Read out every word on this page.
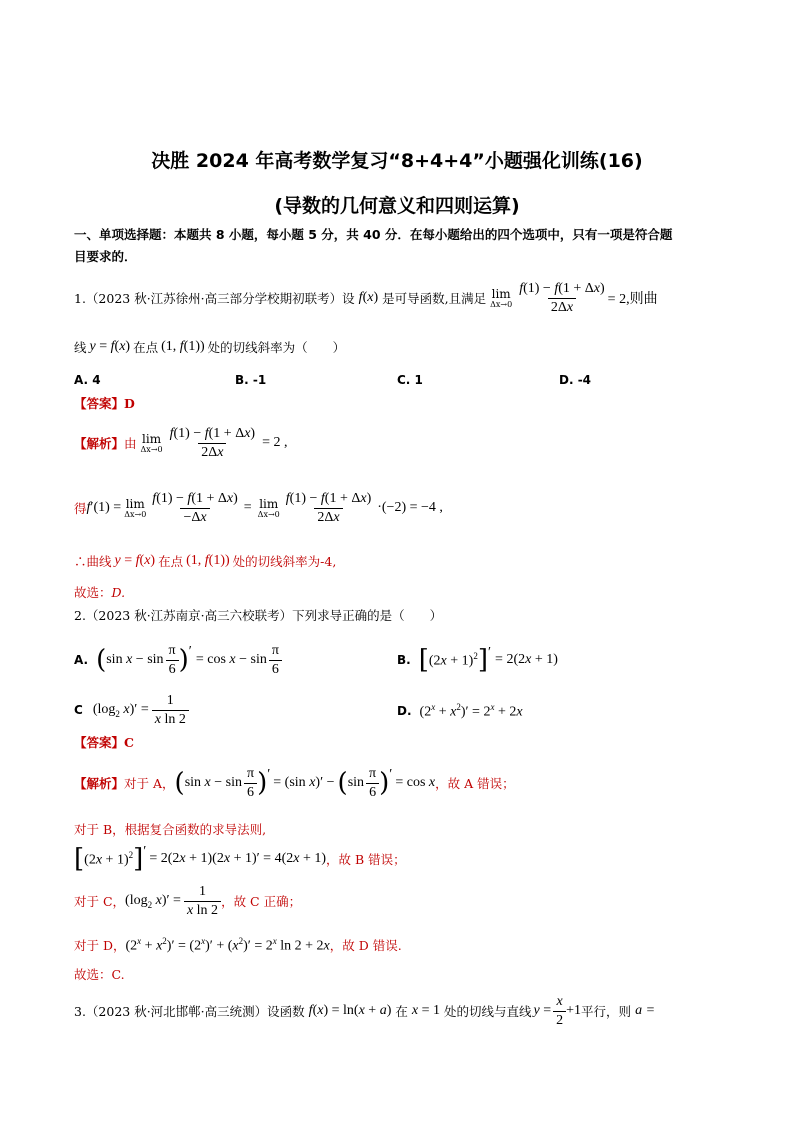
决胜 2024 年高考数学复习“8+4+4”小题强化训练(16)
(导数的几何意义和四则运算)
一、单项选择题：本题共 8 小题，每小题 5 分，共 40 分．在每小题给出的四个选项中，只有一项是符合题
目要求的．
1.（2023 秋·江苏徐州·高三部分学校期初联考）设 f(x) 是可导函数,且满足 lim
$\Delta x\to 0 \frac{f(1) - f(1 + \Delta x)}{2\Delta x} = 2$,则曲
线 y = f(x) 在点 (1, f(1)) 处的切线斜率为（　　）
A. 4	B. -1	C. 1	D. -4
【答案】D
【解析】 由 lim
$\Delta x\to 0 \frac{f(1) - f(1 + \Delta x)}{2\Delta x} = 2$ ,
得 f′(1) = lim
$\Delta x\to 0 \frac{f(1) - f(1 + \Delta x)}{-\Delta x} = \lim$
$\Delta x\to 0 \frac{f(1) - f(1 + \Delta x)}{2\Delta x} \cdot(-2) = -4$ ,
∴曲线 y = f(x) 在点 (1, f(1)) 处的切线斜率为-4,
故选：D.
2.（2023 秋·江苏南京·高三六校联考）下列求导正确的是（　　）
A. ( $\sin x - \sin \frac{\pi}{6}$ ) ′
= $\cos x - \sin \frac{\pi}{6}$	B. [ $(2x + 1)^2$ ] ′ = 2(2x + 1)
C ($\log_2$ $x)' = \frac{1}{\text{x ln 2}}$	D. $(2^x + x^2)' = 2^x + 2x$
【答案】C
【解析】 对于 A， ( $\sin x - \sin \frac{\pi}{6}$ ) ′
= (sin x)′ − ( $\sin \frac{\pi}{6}$ ) ′
= cos x ，故 A 错误；
对于 B，根据复合函数的求导法则,
[ $(2x + 1)^2$ ] ′ = 2(2x + 1)(2x + 1)′ = 4(2x + 1) ，故 B 错误；
对于 C， ($\log_2$ $x)' = \frac{1}{\text{x ln 2}}$ ，故 C 正确；
对于 D， $(2^x + x^2)' = (2^x)' + (x^2)' = 2^x$ ln 2 + 2x ，故 D 错误.
故选：C.
3.（2023 秋·河北邯郸·高三统测）设函数 f(x) = ln(x + a) 在 x = 1 处的切线与直线 $y = \frac{x}{2} +1$ 平行，则 a =
